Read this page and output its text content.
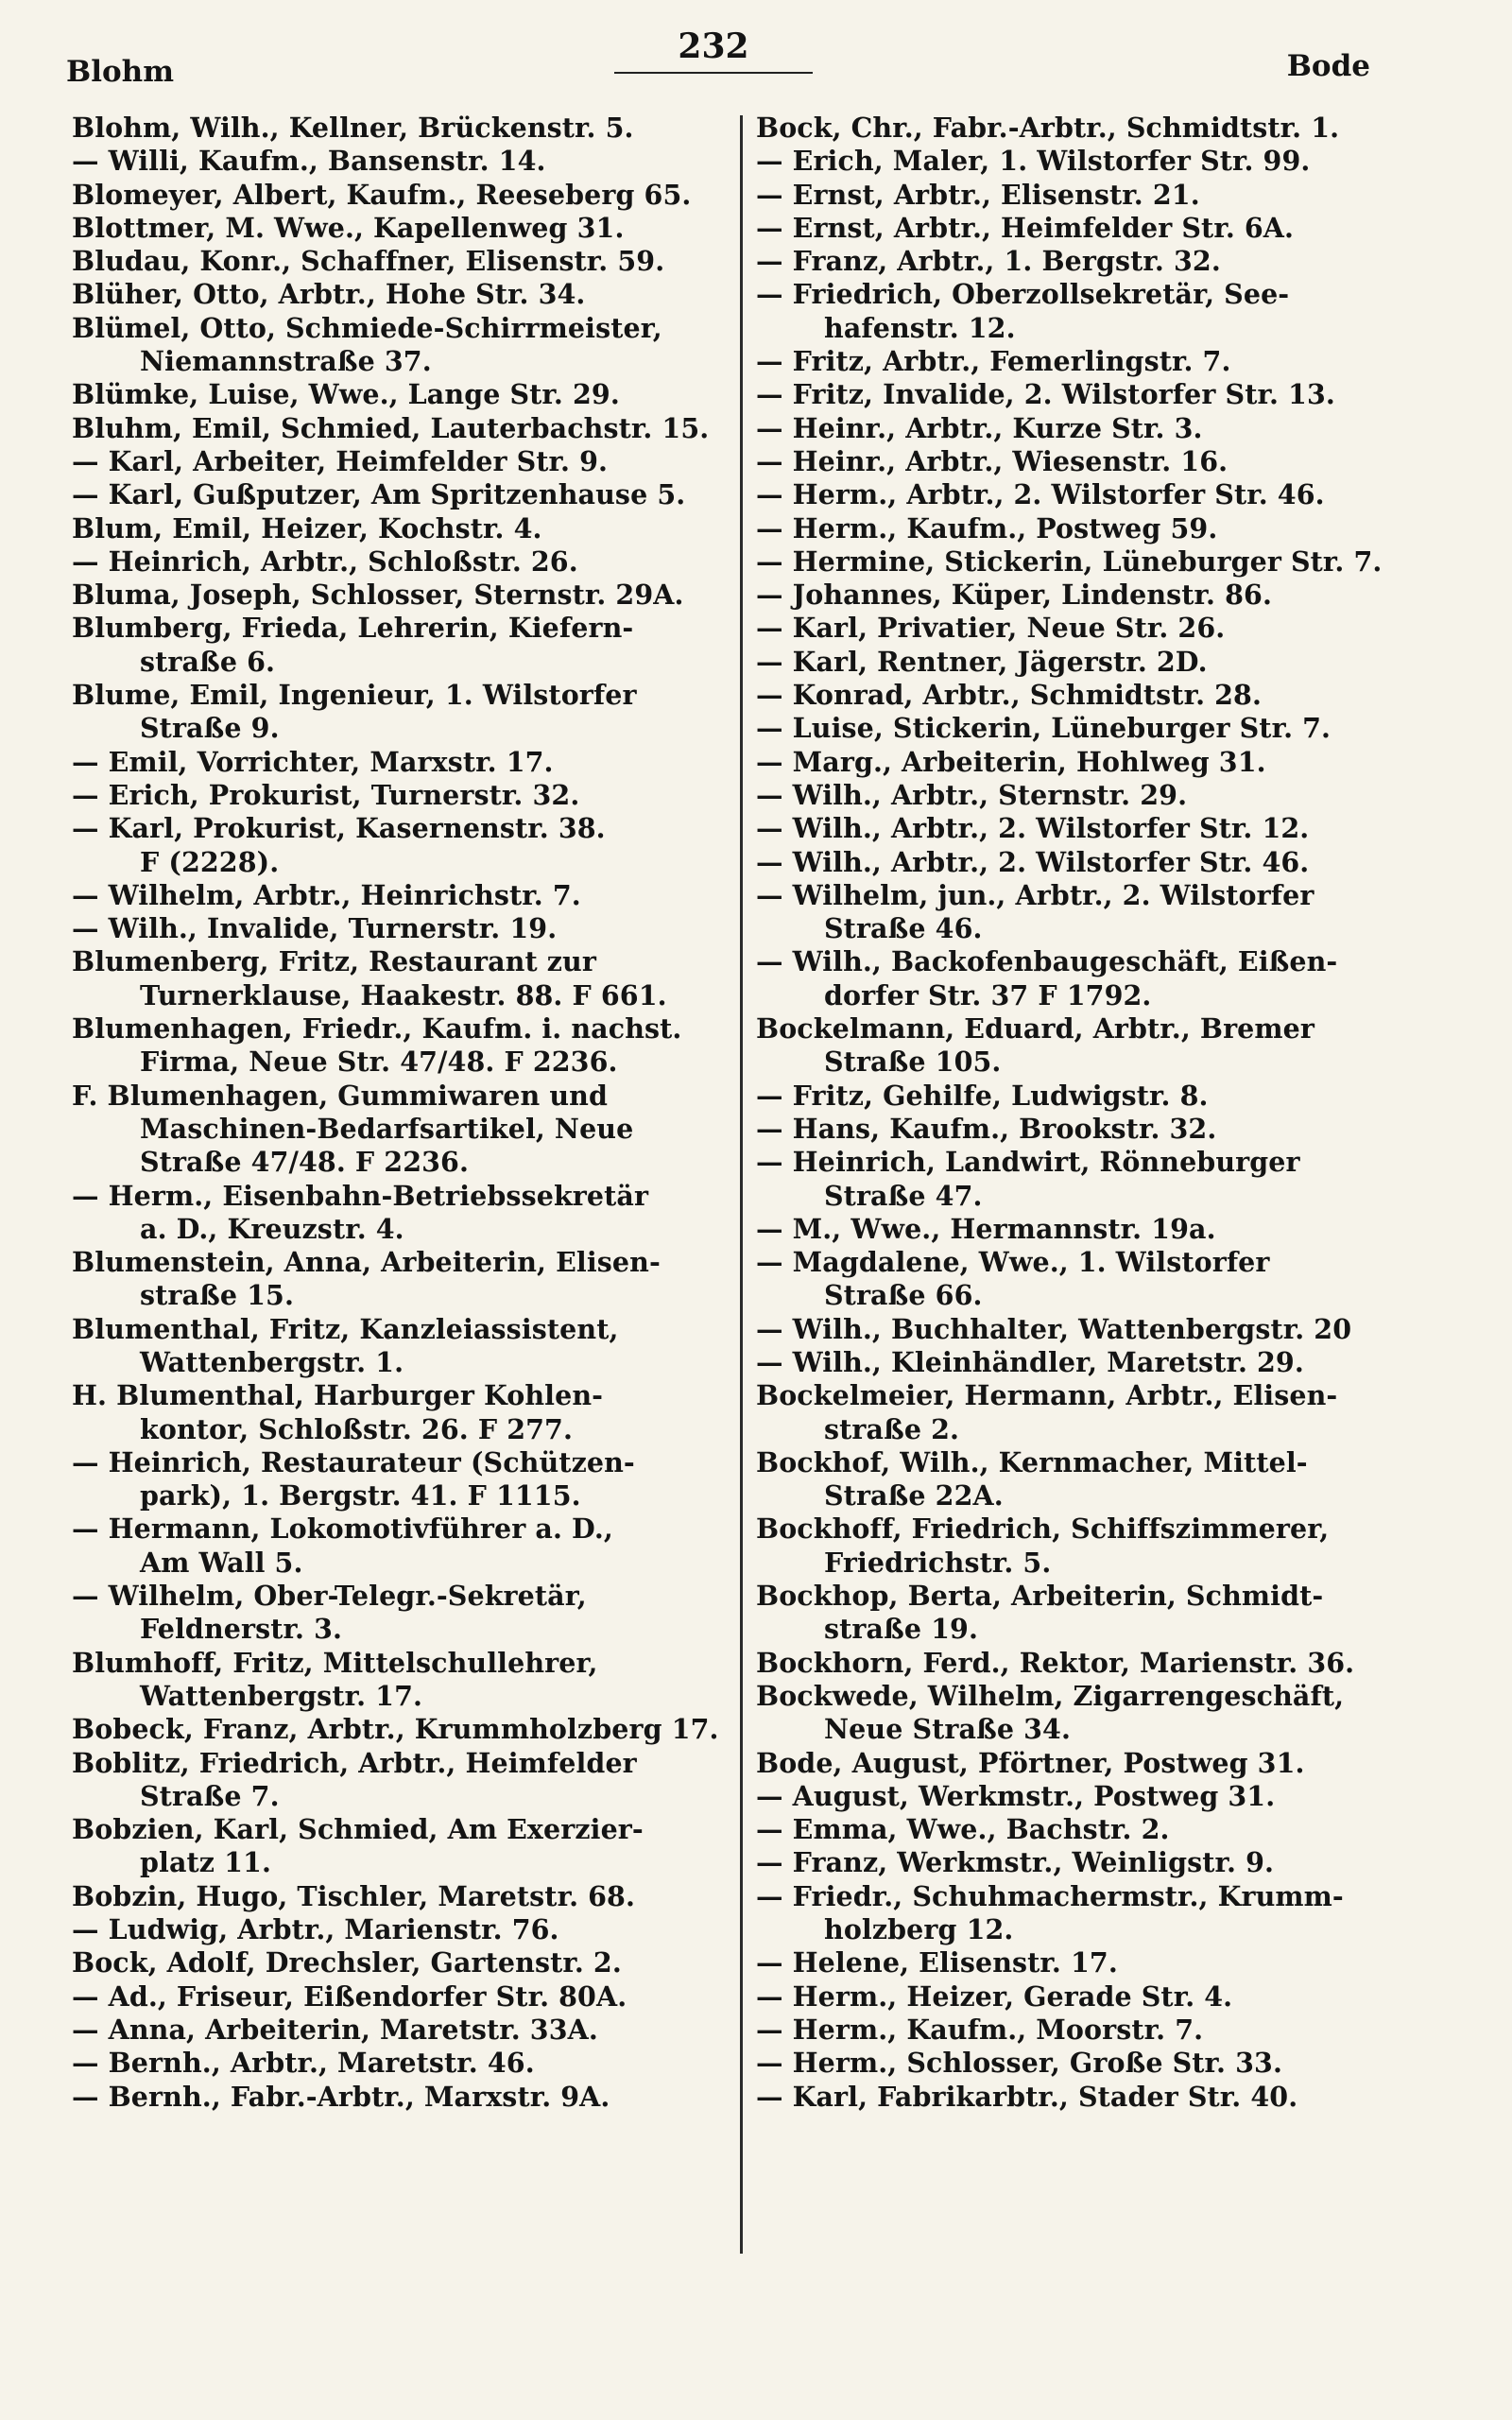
Blohm
232	Bode
Blohm, Wilh., Kellner, Brückenstr. 5.
— Willi, Kaufm., Bansenstr. 14.
Blomeyer, Albert, Kaufm., Reeseberg 65.
Blottmer, M. Wwe., Kapellenweg 31.
Bludau, Konr., Schaffner, Elisenstr. 59.
Blüher, Otto, Arbtr., Hohe Str. 34.
Blümel, Otto, Schmiede-Schirrmeister,
Niemannstraße 37.
Blümke, Luise, Wwe., Lange Str. 29.
Bluhm, Emil, Schmied, Lauterbachstr. 15.
— Karl, Arbeiter, Heimfelder Str. 9.
— Karl, Gußputzer, Am Spritzenhause 5.
Blum, Emil, Heizer, Kochstr. 4.
— Heinrich, Arbtr., Schloßstr. 26.
Bluma, Joseph, Schlosser, Sternstr. 29A.
Blumberg, Frieda, Lehrerin, Kiefern-
straße 6.
Blume, Emil, Ingenieur, 1. Wilstorfer
Straße 9.
— Emil, Vorrichter, Marxstr. 17.
— Erich, Prokurist, Turnerstr. 32.
— Karl, Prokurist, Kasernenstr. 38.
F (2228).
— Wilhelm, Arbtr., Heinrichstr. 7.
— Wilh., Invalide, Turnerstr. 19.
Blumenberg, Fritz, Restaurant zur
Turnerklause, Haakestr. 88. F 661.
Blumenhagen, Friedr., Kaufm. i. nachst.
Firma, Neue Str. 47/48. F 2236.
F. Blumenhagen, Gummiwaren und
Maschinen-Bedarfsartikel, Neue
Straße 47/48. F 2236.
— Herm., Eisenbahn-Betriebssekretär
a. D., Kreuzstr. 4.
Blumenstein, Anna, Arbeiterin, Elisen-
straße 15.
Blumenthal, Fritz, Kanzleiassistent,
Wattenbergstr. 1.
H. Blumenthal, Harburger Kohlen-
kontor, Schloßstr. 26. F 277.
— Heinrich, Restaurateur (Schützen-
park), 1. Bergstr. 41. F 1115.
— Hermann, Lokomotivführer a. D.,
Am Wall 5.
— Wilhelm, Ober-Telegr.-Sekretär,
Feldnerstr. 3.
Blumhoff, Fritz, Mittelschullehrer,
Wattenbergstr. 17.
Bobeck, Franz, Arbtr., Krummholzberg 17.
Boblitz, Friedrich, Arbtr., Heimfelder
Straße 7.
Bobzien, Karl, Schmied, Am Exerzier-
platz 11.
Bobzin, Hugo, Tischler, Maretstr. 68.
— Ludwig, Arbtr., Marienstr. 76.
Bock, Adolf, Drechsler, Gartenstr. 2.
— Ad., Friseur, Eißendorfer Str. 80A.
— Anna, Arbeiterin, Maretstr. 33A.
— Bernh., Arbtr., Maretstr. 46.
— Bernh., Fabr.-Arbtr., Marxstr. 9A.
Bock, Chr., Fabr.-Arbtr., Schmidtstr. 1.
— Erich, Maler, 1. Wilstorfer Str. 99.
— Ernst, Arbtr., Elisenstr. 21.
— Ernst, Arbtr., Heimfelder Str. 6A.
— Franz, Arbtr., 1. Bergstr. 32.
— Friedrich, Oberzollsekretär, See-
hafenstr. 12.
— Fritz, Arbtr., Femerlingstr. 7.
— Fritz, Invalide, 2. Wilstorfer Str. 13.
— Heinr., Arbtr., Kurze Str. 3.
— Heinr., Arbtr., Wiesenstr. 16.
— Herm., Arbtr., 2. Wilstorfer Str. 46.
— Herm., Kaufm., Postweg 59.
— Hermine, Stickerin, Lüneburger Str. 7.
— Johannes, Küper, Lindenstr. 86.
— Karl, Privatier, Neue Str. 26.
— Karl, Rentner, Jägerstr. 2D.
— Konrad, Arbtr., Schmidtstr. 28.
— Luise, Stickerin, Lüneburger Str. 7.
— Marg., Arbeiterin, Hohlweg 31.
— Wilh., Arbtr., Sternstr. 29.
— Wilh., Arbtr., 2. Wilstorfer Str. 12.
— Wilh., Arbtr., 2. Wilstorfer Str. 46.
— Wilhelm, jun., Arbtr., 2. Wilstorfer
Straße 46.
— Wilh., Backofenbaugeschäft, Eißen-
dorfer Str. 37 F 1792.
Bockelmann, Eduard, Arbtr., Bremer
Straße 105.
— Fritz, Gehilfe, Ludwigstr. 8.
— Hans, Kaufm., Brookstr. 32.
— Heinrich, Landwirt, Rönneburger
Straße 47.
— M., Wwe., Hermannstr. 19a.
— Magdalene, Wwe., 1. Wilstorfer
Straße 66.
— Wilh., Buchhalter, Wattenbergstr. 20
— Wilh., Kleinhändler, Maretstr. 29.
Bockelmeier, Hermann, Arbtr., Elisen-
straße 2.
Bockhof, Wilh., Kernmacher, Mittel-
Straße 22A.
Bockhoff, Friedrich, Schiffszimmerer,
Friedrichstr. 5.
Bockhop, Berta, Arbeiterin, Schmidt-
straße 19.
Bockhorn, Ferd., Rektor, Marienstr. 36.
Bockwede, Wilhelm, Zigarrengeschäft,
Neue Straße 34.
Bode, August, Pförtner, Postweg 31.
— August, Werkmstr., Postweg 31.
— Emma, Wwe., Bachstr. 2.
— Franz, Werkmstr., Weinligstr. 9.
— Friedr., Schuhmachermstr., Krumm-
holzberg 12.
— Helene, Elisenstr. 17.
— Herm., Heizer, Gerade Str. 4.
— Herm., Kaufm., Moorstr. 7.
— Herm., Schlosser, Große Str. 33.
— Karl, Fabrikarbtr., Stader Str. 40.
